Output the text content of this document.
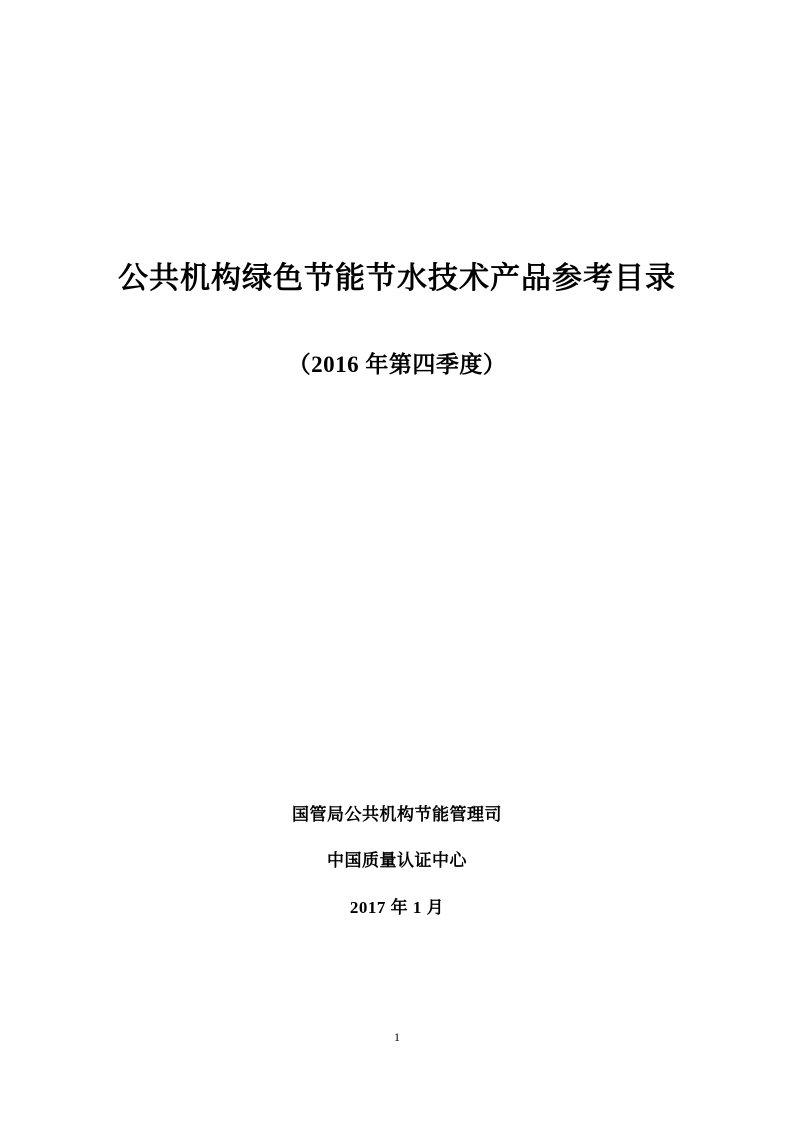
公共机构绿色节能节水技术产品参考目录

（2016 年第四季度）

国管局公共机构节能管理司

中国质量认证中心

2017 年 1 月

1
